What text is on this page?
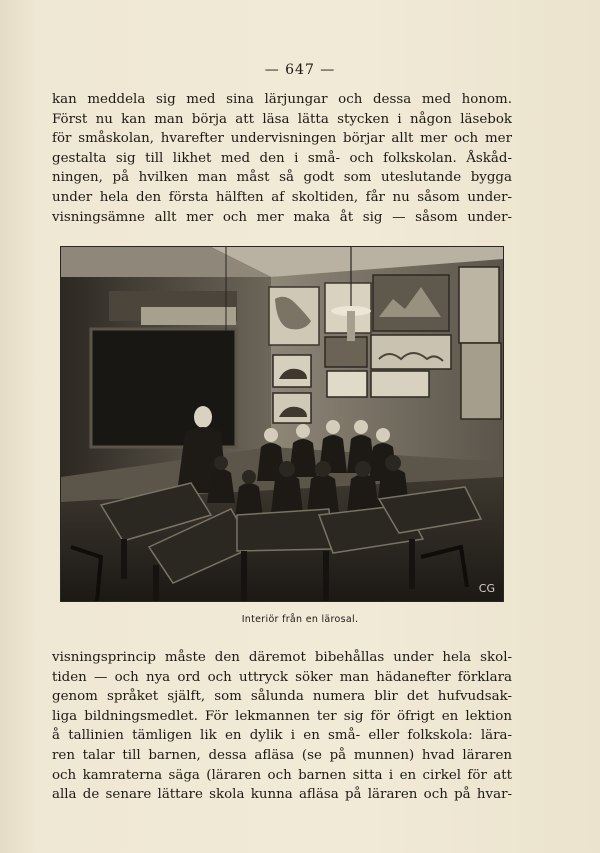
— 647 —
kan meddela sig med sina lärjungar och dessa med honom.
Först nu kan man börja att läsa lätta stycken i någon läsebok
för småskolan, hvarefter undervisningen börjar allt mer och mer
gestalta sig till likhet med den i små- och folkskolan. Åskåd-
ningen, på hvilken man måst så godt som uteslutande bygga
under hela den första hälften af skoltiden, får nu såsom under-
visningsämne allt mer och mer maka åt sig — såsom under-
CG
Interiör från en lärosal.
visningsprincip måste den däremot bibehållas under hela skol-
tiden — och nya ord och uttryck söker man hädanefter förklara
genom språket själft, som sålunda numera blir det hufvudsak-
liga bildningsmedlet. För lekmannen ter sig för öfrigt en lektion
å tallinien tämligen lik en dylik i en små- eller folkskola: lära-
ren talar till barnen, dessa afläsa (se på munnen) hvad läraren
och kamraterna säga (läraren och barnen sitta i en cirkel för att
alla de senare lättare skola kunna afläsa på läraren och på hvar-
